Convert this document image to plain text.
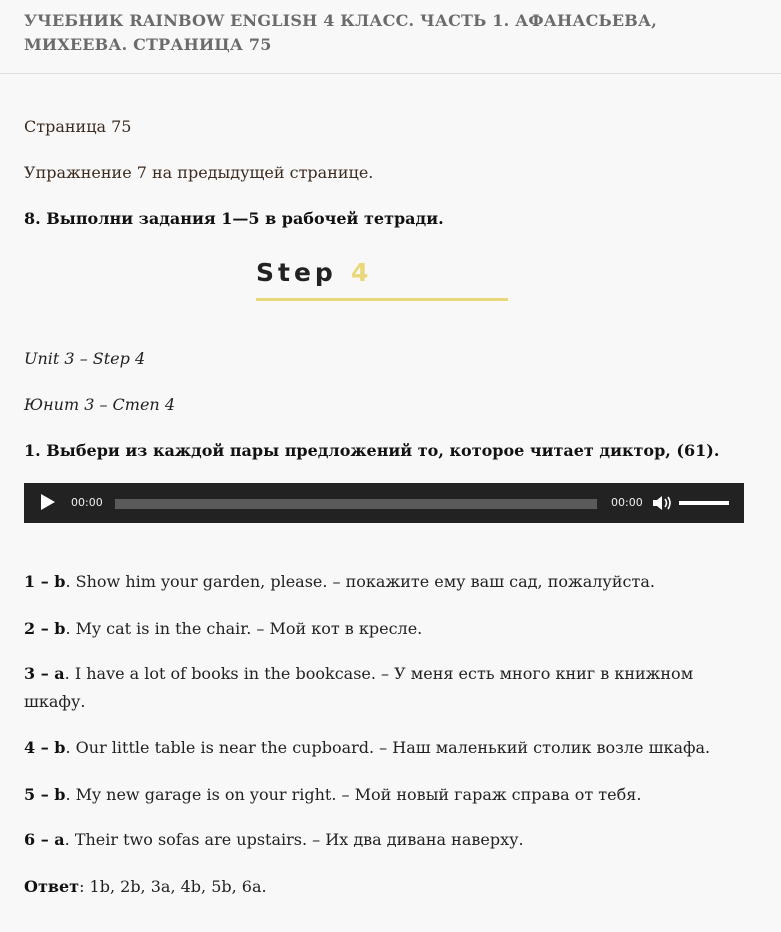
УЧЕБНИК RAINBOW ENGLISH 4 КЛАСС. ЧАСТЬ 1. АФАНАСЬЕВА, МИХЕЕВА. СТРАНИЦА 75

Страница 75

Упражнение 7 на предыдущей странице.

8. Выполни задания 1—5 в рабочей тетради.

Step 4

Unit 3 – Step 4

Юнит 3 – Степ 4

1. Выбери из каждой пары предложений то, которое читает диктор, (61).

1 – b. Show him your garden, please. – покажите ему ваш сад, пожалуйста.

2 – b. My cat is in the chair. – Мой кот в кресле.

3 – a. I have a lot of books in the bookcase. – У меня есть много книг в книжном шкафу.

4 – b. Our little table is near the cupboard. – Наш маленький столик возле шкафа.

5 – b. My new garage is on your right. – Мой новый гараж справа от тебя.

6 – a. Their two sofas are upstairs. – Их два дивана наверху.

Ответ: 1b, 2b, 3a, 4b, 5b, 6a.

00:00	00:00
